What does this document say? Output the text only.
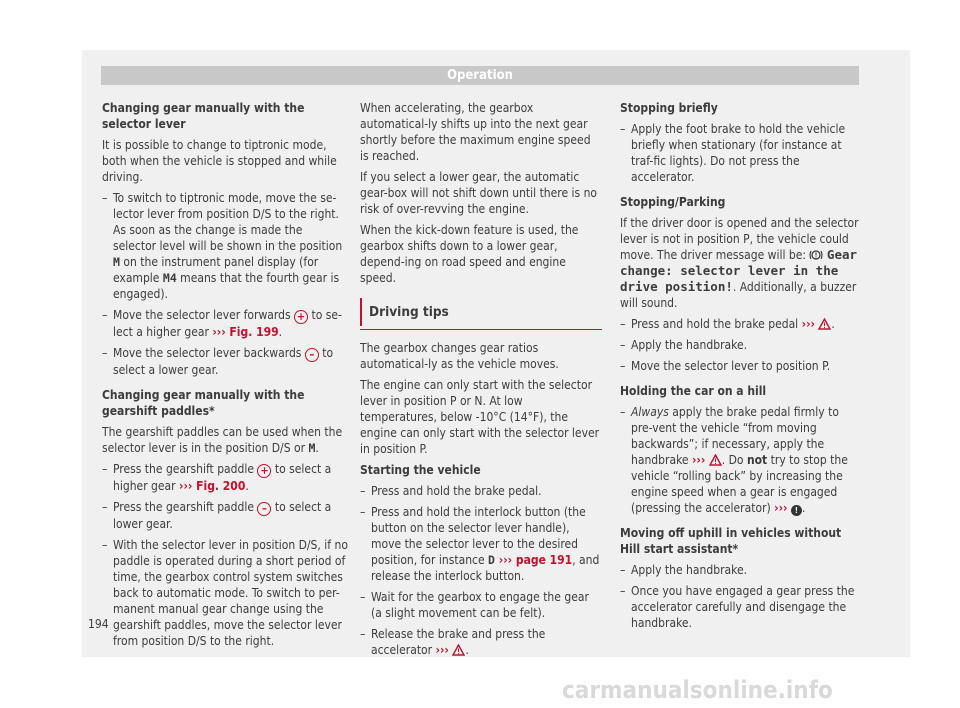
Operation

Changing gear manually with the selector lever

It is possible to change to tiptronic mode, both when the vehicle is stopped and while driving.

– To switch to tiptronic mode, move the se-lector lever from position D/S to the right. As soon as the change is made the selector level will be shown in the position M on the instrument panel display (for example M4 means that the fourth gear is engaged).
– Move the selector lever forwards + to se-lect a higher gear ››› Fig. 199.
– Move the selector lever backwards – to select a lower gear.

Changing gear manually with the gearshift paddles*

The gearshift paddles can be used when the selector lever is in the position D/S or M.

– Press the gearshift paddle + to select a higher gear ››› Fig. 200.
– Press the gearshift paddle – to select a lower gear.
– With the selector lever in position D/S, if no paddle is operated during a short period of time, the gearbox control system switches back to automatic mode. To switch to per-manent manual gear change using the gearshift paddles, move the selector lever from position D/S to the right.

When accelerating, the gearbox automatical-ly shifts up into the next gear shortly before the maximum engine speed is reached.

If you select a lower gear, the automatic gear-box will not shift down until there is no risk of over-revving the engine.

When the kick-down feature is used, the gearbox shifts down to a lower gear, depend-ing on road speed and engine speed.

Driving tips

The gearbox changes gear ratios automatical-ly as the vehicle moves.

The engine can only start with the selector lever in position P or N. At low temperatures, below -10°C (14°F), the engine can only start with the selector lever in position P.

Starting the vehicle

– Press and hold the brake pedal.
– Press and hold the interlock button (the button on the selector lever handle), move the selector lever to the desired position, for instance D ››› page 191, and release the interlock button.
– Wait for the gearbox to engage the gear (a slight movement can be felt).
– Release the brake and press the accelerator ››› .

Stopping briefly

– Apply the foot brake to hold the vehicle briefly when stationary (for instance at traf-fic lights). Do not press the accelerator.

Stopping/Parking

If the driver door is opened and the selector lever is not in position P, the vehicle could move. The driver message will be:  Gear change: selector lever in the drive position!. Additionally, a buzzer will sound.

– Press and hold the brake pedal ››› .
– Apply the handbrake.
– Move the selector lever to position P.

Holding the car on a hill

– Always apply the brake pedal firmly to pre-vent the vehicle “from moving backwards”; if necessary, apply the handbrake ››› . Do not try to stop the vehicle “rolling back” by increasing the engine speed when a gear is engaged (pressing the accelerator) ››› ! .

Moving off uphill in vehicles without Hill start assistant*

– Apply the handbrake.
– Once you have engaged a gear press the accelerator carefully and disengage the handbrake.
194
carmanualsonline.info
